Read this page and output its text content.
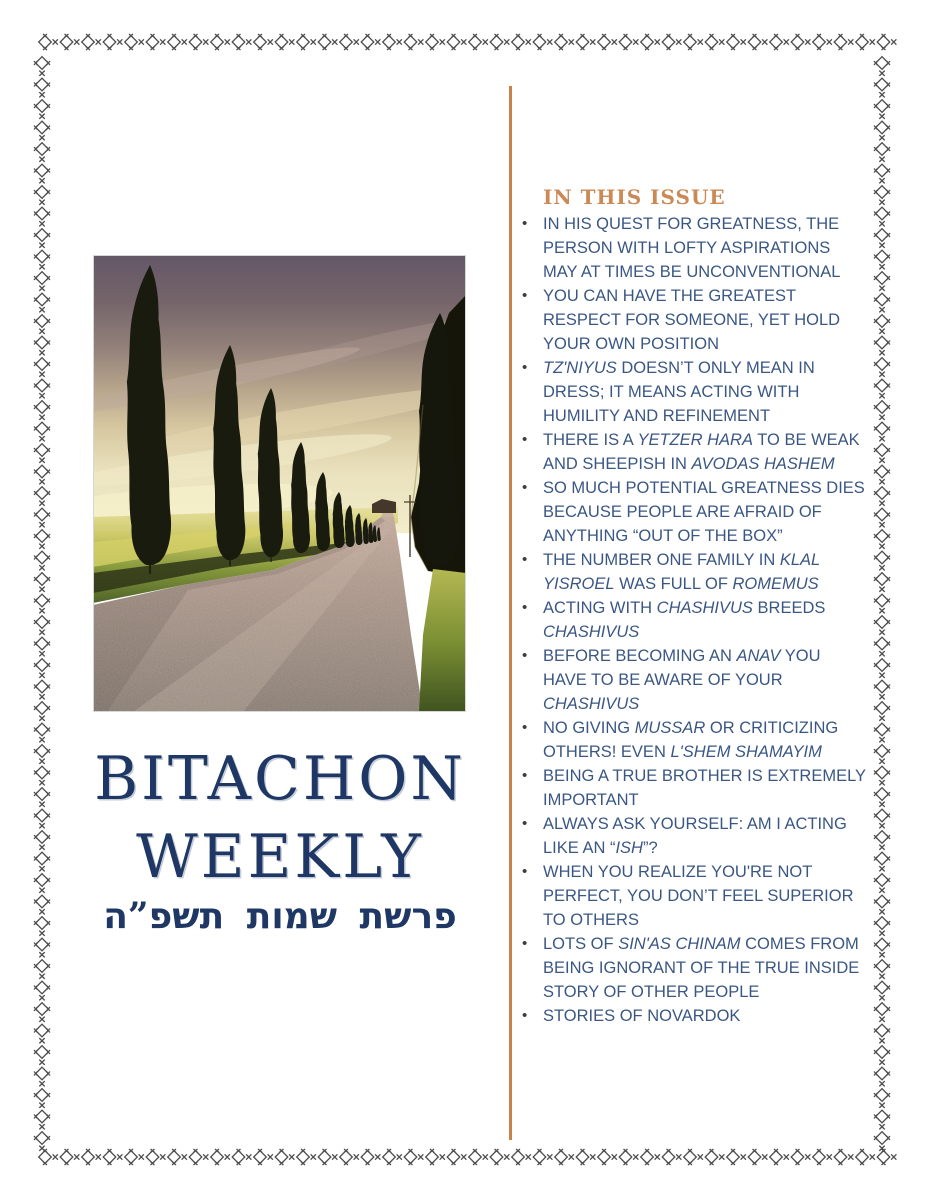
BITACHON
WEEKLY
פרשת שמות תשפ”ה
IN THIS ISSUE
• IN HIS QUEST FOR GREATNESS, THE PERSON WITH LOFTY ASPIRATIONS MAY AT TIMES BE UNCONVENTIONAL
• YOU CAN HAVE THE GREATEST RESPECT FOR SOMEONE, YET HOLD YOUR OWN POSITION
• TZ'NIYUS DOESN’T ONLY MEAN IN DRESS; IT MEANS ACTING WITH HUMILITY AND REFINEMENT
• THERE IS A YETZER HARA TO BE WEAK AND SHEEPISH IN AVODAS HASHEM
• SO MUCH POTENTIAL GREATNESS DIES BECAUSE PEOPLE ARE AFRAID OF ANYTHING “OUT OF THE BOX”
• THE NUMBER ONE FAMILY IN KLAL YISROEL WAS FULL OF ROMEMUS
• ACTING WITH CHASHIVUS BREEDS CHASHIVUS
• BEFORE BECOMING AN ANAV YOU HAVE TO BE AWARE OF YOUR CHASHIVUS
• NO GIVING MUSSAR OR CRITICIZING OTHERS! EVEN L'SHEM SHAMAYIM
• BEING A TRUE BROTHER IS EXTREMELY IMPORTANT
• ALWAYS ASK YOURSELF: AM I ACTING LIKE AN “ISH”?
• WHEN YOU REALIZE YOU'RE NOT PERFECT, YOU DON’T FEEL SUPERIOR TO OTHERS
• LOTS OF SIN'AS CHINAM COMES FROM BEING IGNORANT OF THE TRUE INSIDE STORY OF OTHER PEOPLE
• STORIES OF NOVARDOK
